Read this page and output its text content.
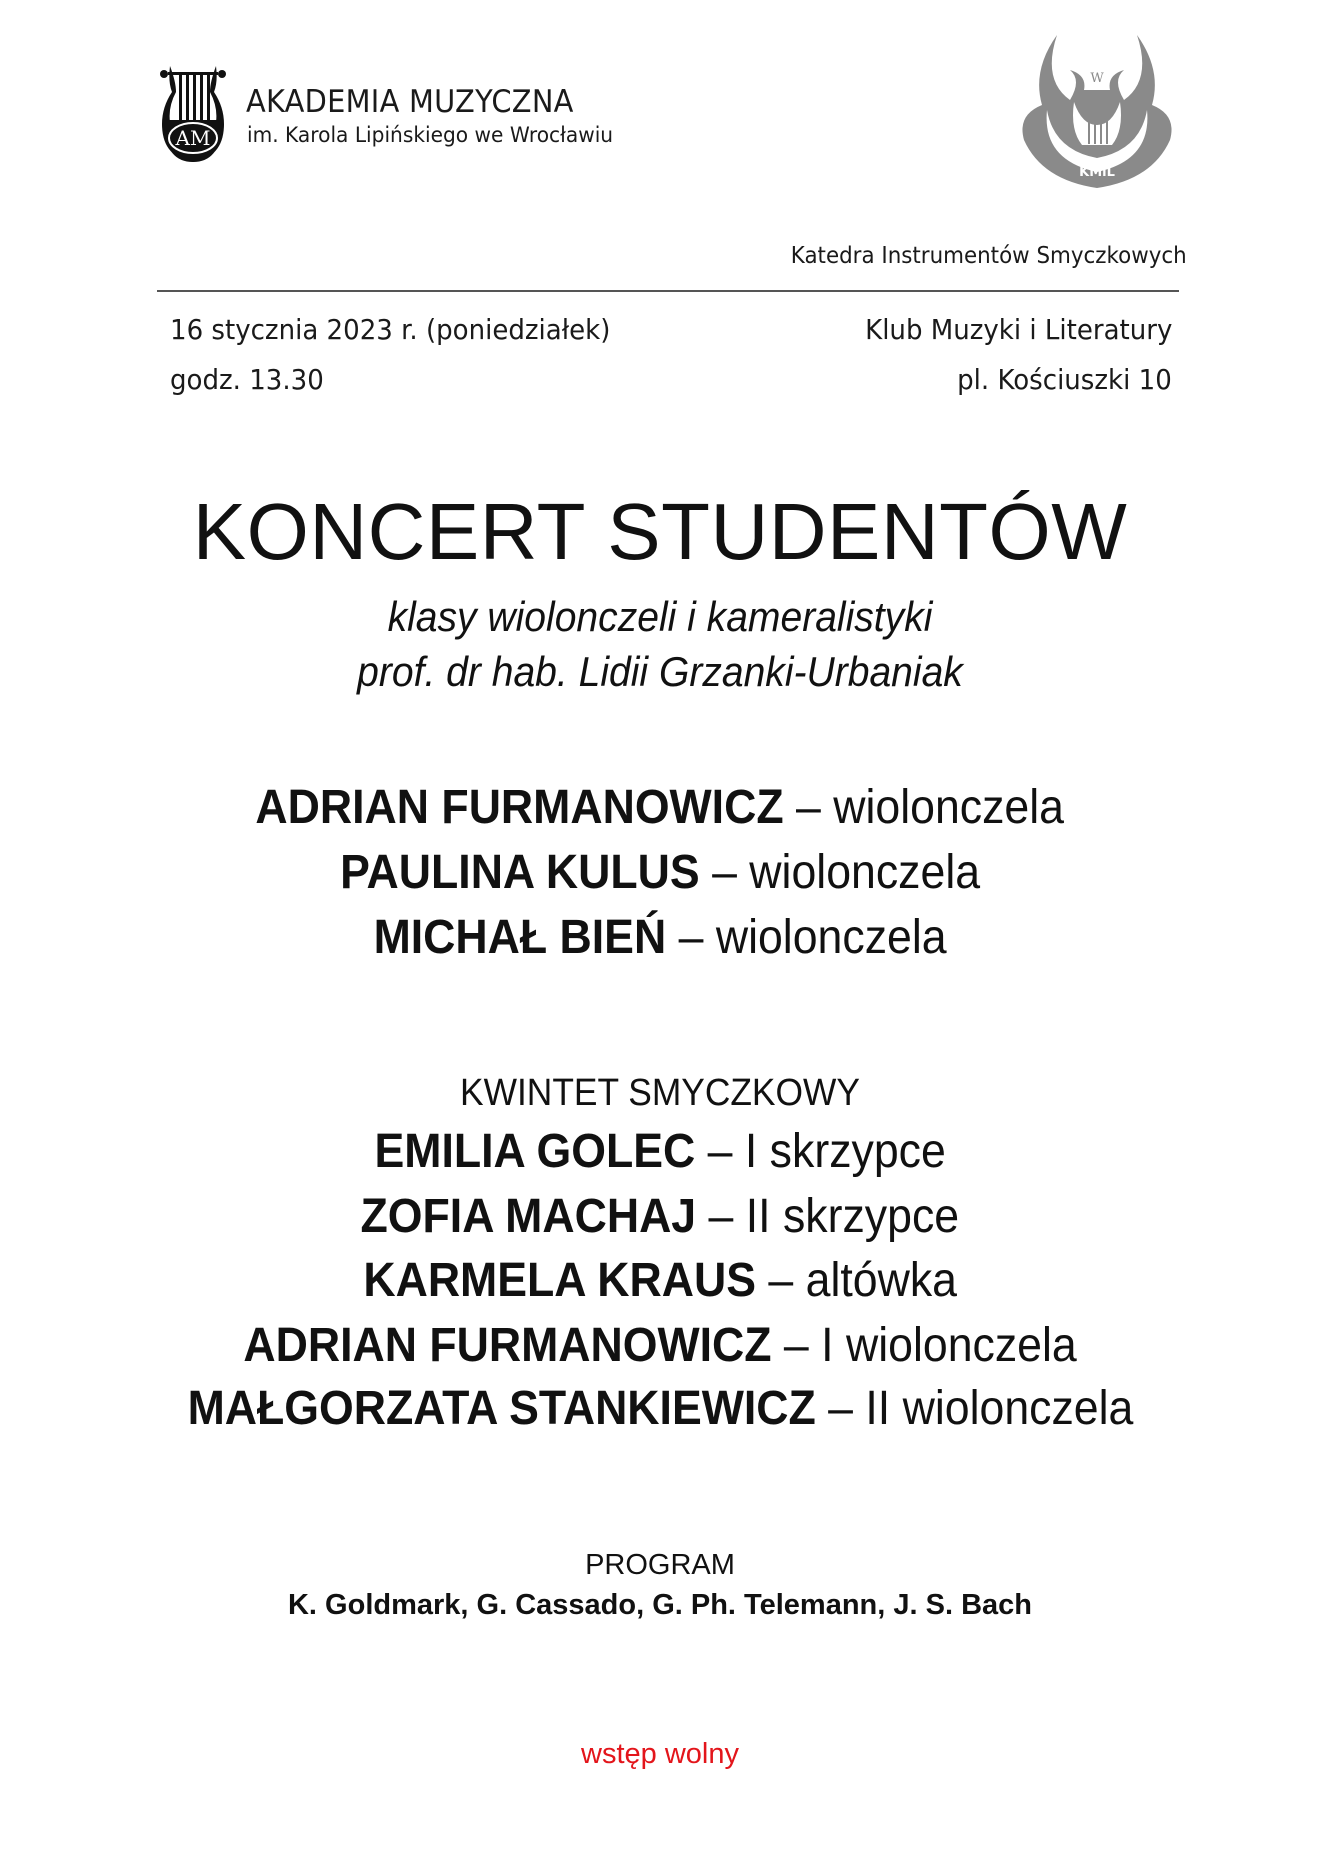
AM
AKADEMIA MUZYCZNA
im. Karola Lipińskiego we Wrocławiu
W
KMiL
Katedra Instrumentów Smyczkowych
16 stycznia 2023 r. (poniedziałek)
godz. 13.30
Klub Muzyki i Literatury
pl. Kościuszki 10
KONCERT STUDENTÓW
klasy wiolonczeli i kameralistyki
prof. dr hab. Lidii Grzanki-Urbaniak
ADRIAN FURMANOWICZ – wiolonczela
PAULINA KULUS – wiolonczela
MICHAŁ BIEŃ – wiolonczela
KWINTET SMYCZKOWY
EMILIA GOLEC – I skrzypce
ZOFIA MACHAJ – II skrzypce
KARMELA KRAUS – altówka
ADRIAN FURMANOWICZ – I wiolonczela
MAŁGORZATA STANKIEWICZ – II wiolonczela
PROGRAM
K. Goldmark, G. Cassado, G. Ph. Telemann, J. S. Bach
wstęp wolny
